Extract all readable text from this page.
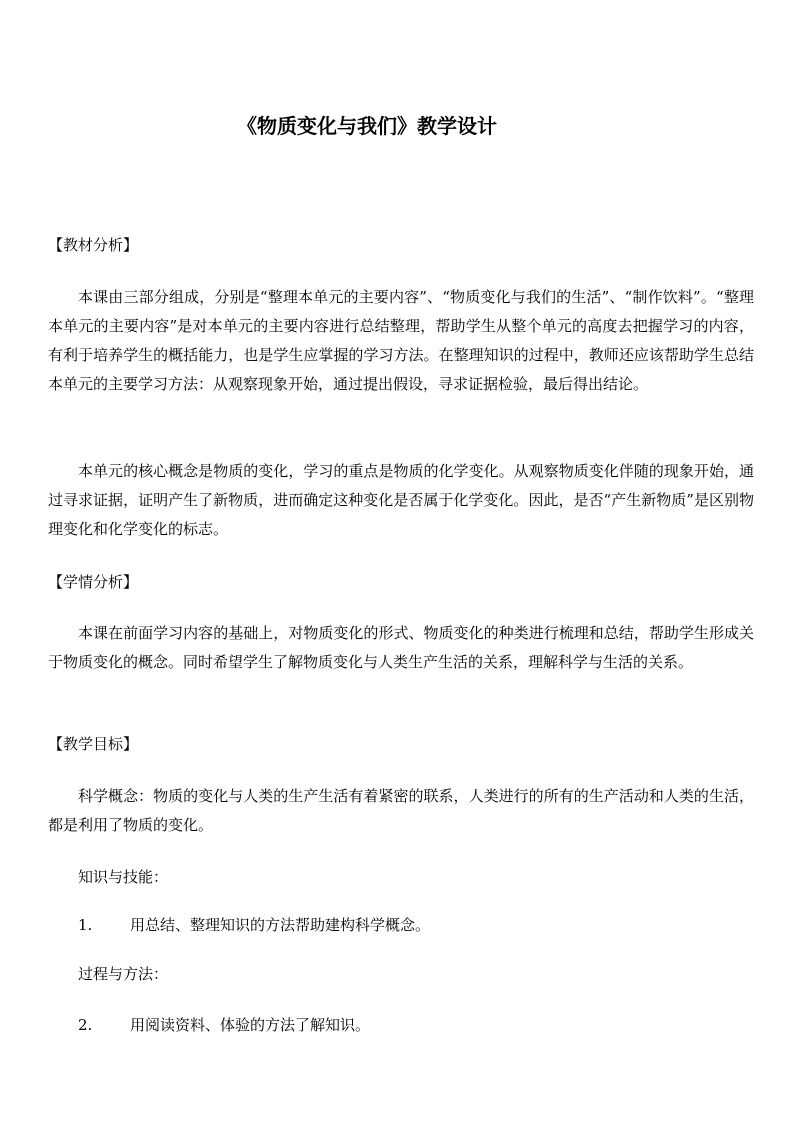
《物质变化与我们》教学设计
【教材分析】
本课由三部分组成，分别是“整理本单元的主要内容”、“物质变化与我们的生活”、“制作饮料”。“整理本单元的主要内容”是对本单元的主要内容进行总结整理，帮助学生从整个单元的高度去把握学习的内容，有利于培养学生的概括能力，也是学生应掌握的学习方法。在整理知识的过程中，教师还应该帮助学生总结本单元的主要学习方法：从观察现象开始，通过提出假设，寻求证据检验，最后得出结论。
本单元的核心概念是物质的变化，学习的重点是物质的化学变化。从观察物质变化伴随的现象开始，通过寻求证据，证明产生了新物质，进而确定这种变化是否属于化学变化。因此，是否“产生新物质”是区别物理变化和化学变化的标志。
【学情分析】
本课在前面学习内容的基础上，对物质变化的形式、物质变化的种类进行梳理和总结，帮助学生形成关于物质变化的概念。同时希望学生了解物质变化与人类生产生活的关系，理解科学与生活的关系。
【教学目标】
科学概念：物质的变化与人类的生产生活有着紧密的联系，人类进行的所有的生产活动和人类的生活，都是利用了物质的变化。
知识与技能：
1.	用总结、整理知识的方法帮助建构科学概念。
过程与方法：
2.	用阅读资料、体验的方法了解知识。
